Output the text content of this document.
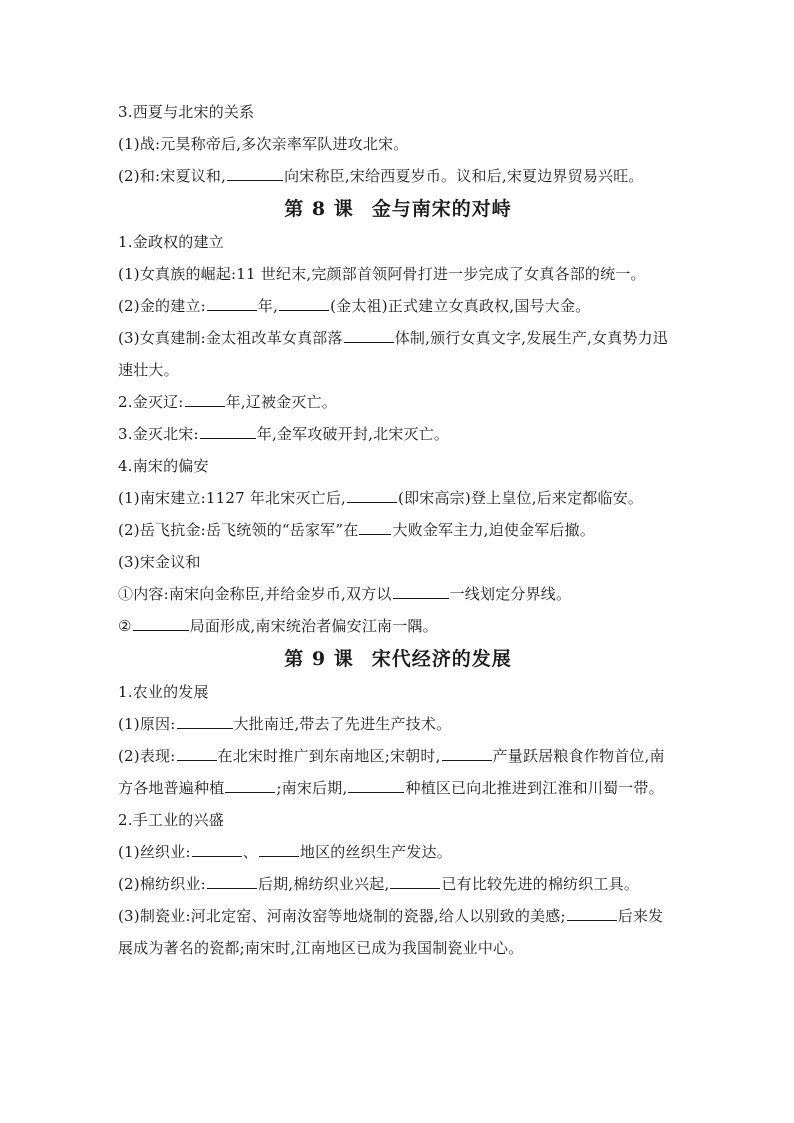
3.西夏与北宋的关系
(1)战:元昊称帝后,多次亲率军队进攻北宋。
(2)和:宋夏议和,	向宋称臣,宋给西夏岁币。议和后,宋夏边界贸易兴旺。
第 8 课 金与南宋的对峙
1.金政权的建立
(1)女真族的崛起:11 世纪末,完颜部首领阿骨打进一步完成了女真各部的统一。
(2)金的建立:	年,	(金太祖)正式建立女真政权,国号大金。
(3)女真建制:金太祖改革女真部落	体制,颁行女真文字,发展生产,女真势力迅速壮大。
2.金灭辽:	年,辽被金灭亡。
3.金灭北宋:	年,金军攻破开封,北宋灭亡。
4.南宋的偏安
(1)南宋建立:1127 年北宋灭亡后,	(即宋高宗)登上皇位,后来定都临安。
(2)岳飞抗金:岳飞统领的“岳家军”在 大败金军主力,迫使金军后撤。
(3)宋金议和
①内容:南宋向金称臣,并给金岁币,双方以	一线划定分界线。
②	局面形成,南宋统治者偏安江南一隅。
第 9 课 宋代经济的发展
1.农业的发展
(1)原因:	大批南迁,带去了先进生产技术。
(2)表现:	在北宋时推广到东南地区;宋朝时,	产量跃居粮食作物首位,南方各地普遍种植	;南宋后期,	种植区已向北推进到江淮和川蜀一带。
2.手工业的兴盛
(1)丝织业:	、	地区的丝织生产发达。
(2)棉纺织业:	后期,棉纺织业兴起,	已有比较先进的棉纺织工具。
(3)制瓷业:河北定窑、河南汝窑等地烧制的瓷器,给人以别致的美感;	后来发展成为著名的瓷都;南宋时,江南地区已成为我国制瓷业中心。
